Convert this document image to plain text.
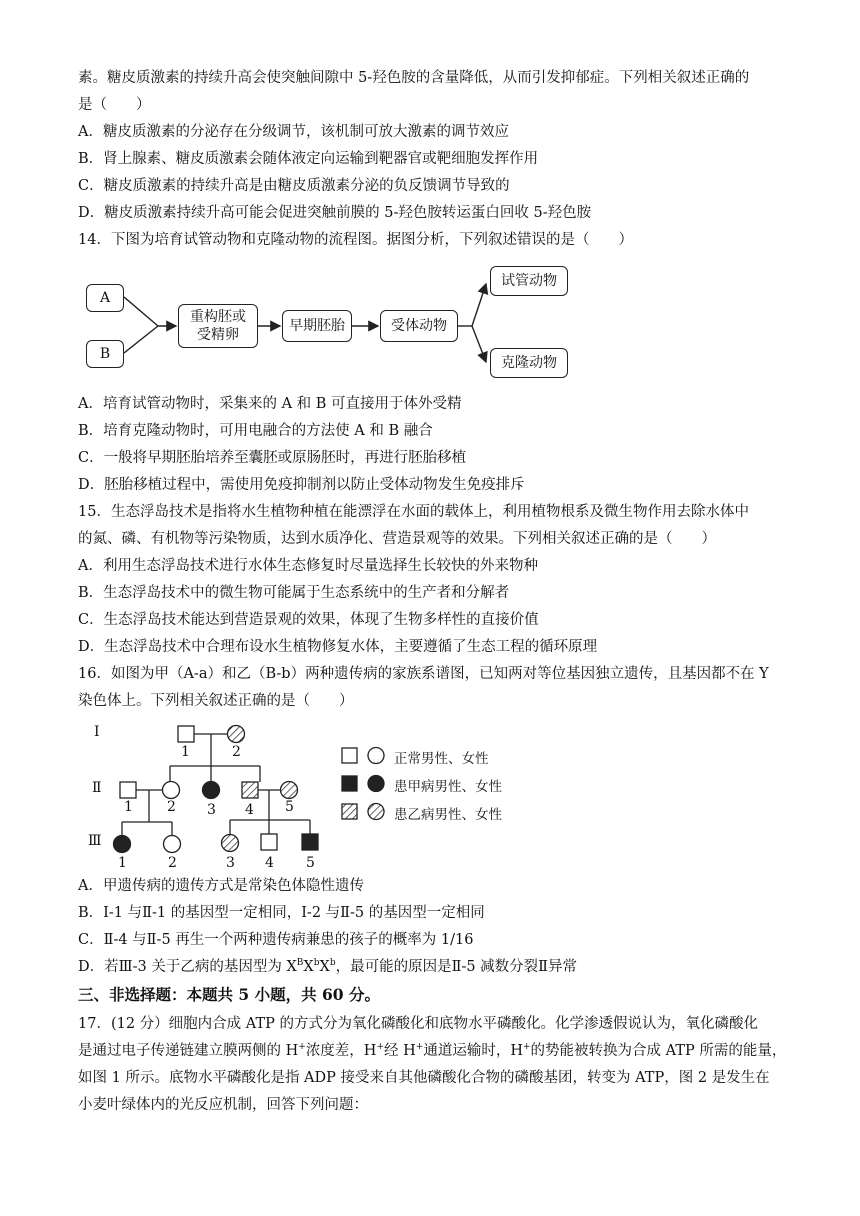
素。糖皮质激素的持续升高会使突触间隙中 5-羟色胺的含量降低，从而引发抑郁症。下列相关叙述正确的
是（　　）
A．糖皮质激素的分泌存在分级调节，该机制可放大激素的调节效应
B．肾上腺素、糖皮质激素会随体液定向运输到靶器官或靶细胞发挥作用
C．糖皮质激素的持续升高是由糖皮质激素分泌的负反馈调节导致的
D．糖皮质激素持续升高可能会促进突触前膜的 5-羟色胺转运蛋白回收 5-羟色胺
14．下图为培育试管动物和克隆动物的流程图。据图分析，下列叙述错误的是（　　）
A
B
重构胚或
受精卵
早期胚胎	受体动物
试管动物
克隆动物
A．培育试管动物时，采集来的 A 和 B 可直接用于体外受精
B．培育克隆动物时，可用电融合的方法使 A 和 B 融合
C．一般将早期胚胎培养至囊胚或原肠胚时，再进行胚胎移植
D．胚胎移植过程中，需使用免疫抑制剂以防止受体动物发生免疫排斥
15．生态浮岛技术是指将水生植物种植在能漂浮在水面的载体上，利用植物根系及微生物作用去除水体中
的氮、磷、有机物等污染物质，达到水质净化、营造景观等的效果。下列相关叙述正确的是（　　）
A．利用生态浮岛技术进行水体生态修复时尽量选择生长较快的外来物种
B．生态浮岛技术中的微生物可能属于生态系统中的生产者和分解者
C．生态浮岛技术能达到营造景观的效果，体现了生物多样性的直接价值
D．生态浮岛技术中合理布设水生植物修复水体，主要遵循了生态工程的循环原理
16．如图为甲（A-a）和乙（B-b）两种遗传病的家族系谱图，已知两对等位基因独立遗传，且基因都不在 Y
染色体上。下列相关叙述正确的是（　　）
Ⅰ
Ⅱ
Ⅲ
1	2
1 2 3 4 5
1	2	3 4 5
正常男性、女性
患甲病男性、女性
患乙病男性、女性
A．甲遗传病的遗传方式是常染色体隐性遗传
B．Ⅰ-1 与Ⅱ-1 的基因型一定相同，Ⅰ-2 与Ⅱ-5 的基因型一定相同
C．Ⅱ-4 与Ⅱ-5 再生一个两种遗传病兼患的孩子的概率为 1/16
D．若Ⅲ-3 关于乙病的基因型为 $X^BX^bX^b$，最可能的原因是Ⅱ-5 减数分裂Ⅱ异常
三、非选择题：本题共 5 小题，共 60 分。
17．(12 分）细胞内合成 ATP 的方式分为氧化磷酸化和底物水平磷酸化。化学渗透假说认为，氧化磷酸化
是通过电子传递链建立膜两侧的 H+浓度差，H+经 H+通道运输时，H+的势能被转换为合成 ATP 所需的能量，
如图 1 所示。底物水平磷酸化是指 ADP 接受来自其他磷酸化合物的磷酸基团，转变为 ATP，图 2 是发生在
小麦叶绿体内的光反应机制，回答下列问题：
